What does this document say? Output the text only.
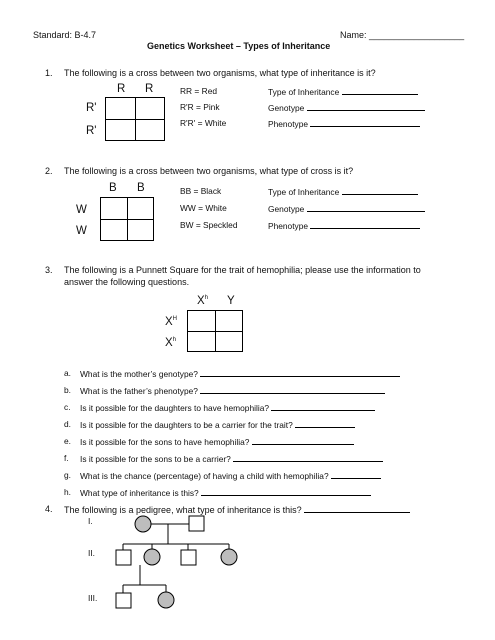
Standard: B-4.7	Name: ___________________
Genetics Worksheet – Types of Inheritance
1. The following is a cross between two organisms, what type of inheritance is it?
R R
R'
R'
RR = Red
R'R = Pink
R'R' = White
Type of Inheritance
Genotype
Phenotype
2. The following is a cross between two organisms, what type of cross is it?
B B
W
W
BB = Black
WW = White
BW = Speckled
Type of Inheritance
Genotype
Phenotype
3. The following is a Punnett Square for the trait of hemophilia; please use the information to
answer the following questions.
$X^h$ Y
$X^H$
$X^h$
a. What is the mother’s genotype?
b. What is the father’s phenotype?
c. Is it possible for the daughters to have hemophilia?
d. Is it possible for the daughters to be a carrier for the trait?
e. Is it possible for the sons to have hemophilia?
f. Is it possible for the sons to be a carrier?
g. What is the chance (percentage) of having a child with hemophilia?
h. What type of inheritance is this?
4. The following is a pedigree, what type of inheritance is this?
I.
II.
III.
